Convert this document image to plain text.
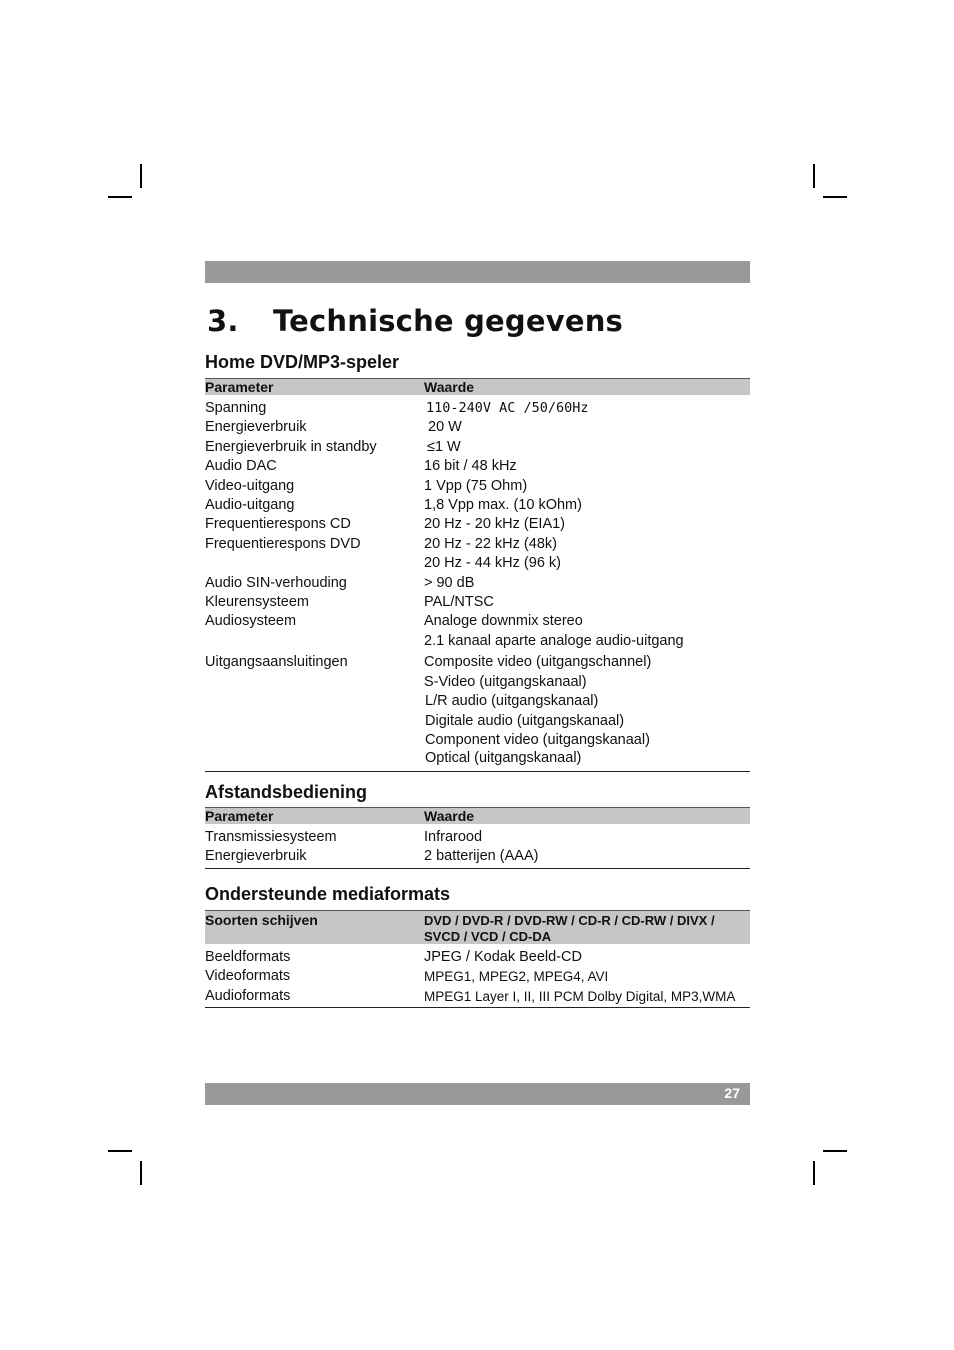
3. Technische gegevens
Home DVD/MP3-speler
Parameter	Waarde
Spanning	110-240V AC /50/60Hz
Energieverbruik	20 W
Energieverbruik in standby	≤1 W
Audio DAC	16 bit / 48 kHz
Video-uitgang	1 Vpp (75 Ohm)
Audio-uitgang	1,8 Vpp max. (10 kOhm)
Frequentierespons CD	20 Hz - 20 kHz (EIA1)
Frequentierespons DVD	20 Hz - 22 kHz (48k)
20 Hz - 44 kHz (96 k)
Audio SIN-verhouding	> 90 dB
Kleurensysteem	PAL/NTSC
Audiosysteem	Analoge downmix stereo
2.1 kanaal aparte analoge audio-uitgang
Uitgangsaansluitingen	Composite video (uitgangschannel)
S-Video (uitgangskanaal)
L/R audio (uitgangskanaal)
Digitale audio (uitgangskanaal)
Component video (uitgangskanaal)
Optical (uitgangskanaal)
Afstandsbediening
Parameter	Waarde
Transmissiesysteem	Infrarood
Energieverbruik	2 batterijen (AAA)
Ondersteunde mediaformats
Soorten schijven	DVD / DVD-R / DVD-RW / CD-R / CD-RW / DIVX / SVCD / VCD / CD-DA
Beeldformats	JPEG / Kodak Beeld-CD
Videoformats	MPEG1, MPEG2, MPEG4, AVI
Audioformats	MPEG1 Layer I, II, III PCM Dolby Digital, MP3,WMA
27
